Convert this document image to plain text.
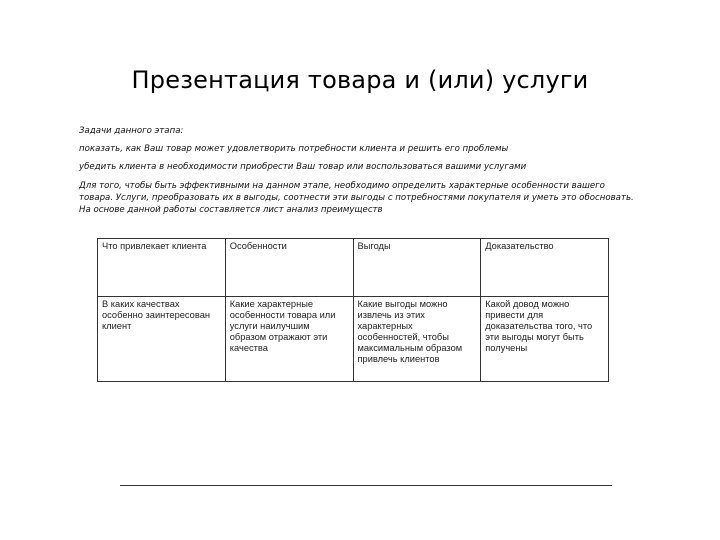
Презентация товара и (или) услуги
Задачи данного этапа:
показать, как Ваш товар может удовлетворить потребности клиента и решить его проблемы
убедить клиента в необходимости приобрести Ваш товар или воспользоваться вашими услугами
Для того, чтобы быть эффективными на данном этапе, необходимо определить характерные особенности вашего товара. Услуги, преобразовать их в выгоды, соотнести эти выгоды с потребностями покупателя и уметь это обосновать. На основе данной работы составляется лист анализ преимуществ
Что привлекает клиента	Особенности	Выгоды	Доказательство
В каких качествах особенно заинтересован клиент	Какие характерные особенности товара или услуги наилучшим образом отражают эти качества	Какие выгоды можно извлечь из этих характерных особенностей, чтобы максимальным образом привлечь клиентов	Какой довод можно привести для доказательства того, что эти выгоды могут быть получены
